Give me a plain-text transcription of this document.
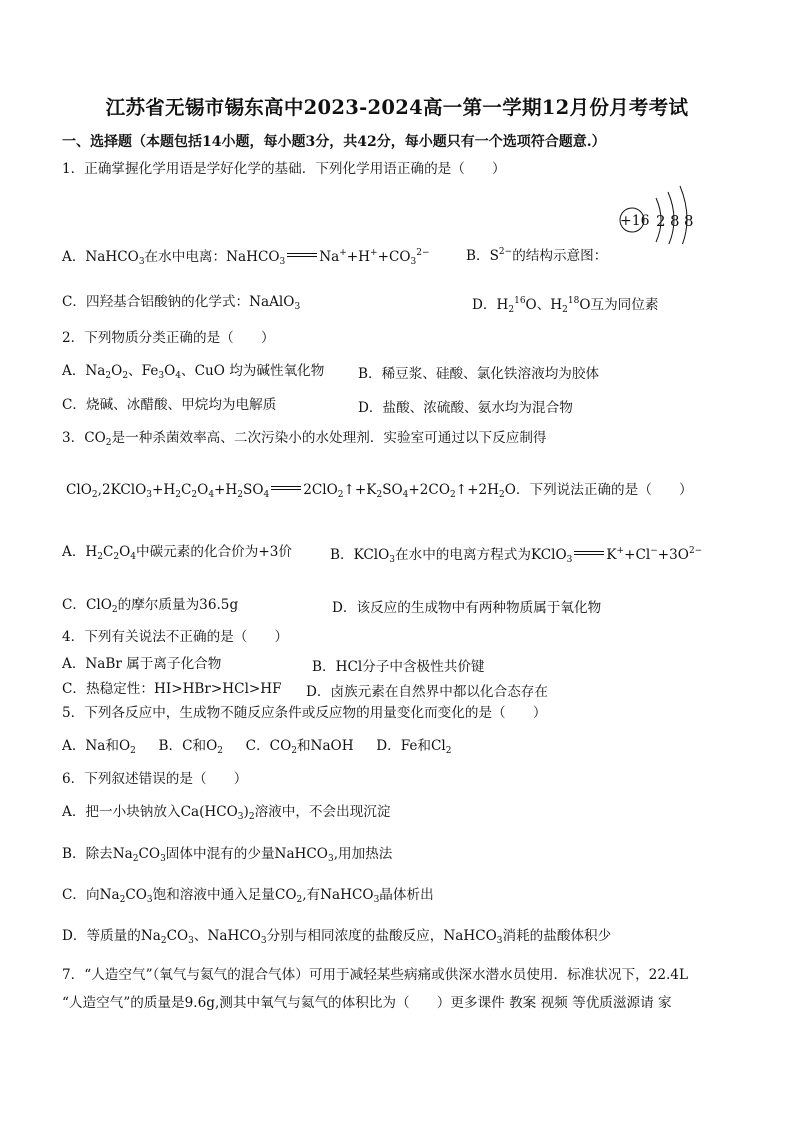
江苏省无锡市锡东高中2023-2024高一第一学期12月份月考考试
一、选择题（本题包括14小题，每小题3分，共42分，每小题只有一个选项符合题意.）
1．正确掌握化学用语是学好化学的基础．下列化学用语正确的是（　　）
+16 2 8 8
A．NaHCO$_3$在水中电离：NaHCO$_3$	$Na^++H^++CO_3^{2-}$	B．$S^{2-}$的结构示意图：
C．四羟基合铝酸钠的化学式：NaAlO$_3$	D．$H_2^{16}O$、$H_2^{18}O$互为同位素
2．下列物质分类正确的是（　　）
A．$Na_2O_2$、$Fe_3O_4$、CuO 均为碱性氧化物 B．稀豆浆、硅酸、氯化铁溶液均为胶体
C．烧碱、冰醋酸、甲烷均为电解质	D．盐酸、浓硫酸、氨水均为混合物
3．$CO_2$是一种杀菌效率高、二次污染小的水处理剂．实验室可通过以下反应制得
$ClO_2,2KClO_3+H_2C_2O_4+H_2SO_4$	$2ClO_2↑+K_2SO_4+2CO_2↑+2H_2O$．下列说法正确的是（　　）
A．$H_2C_2O_4$中碳元素的化合价为+3价	B．KClO$_3$在水中的电离方程式为KClO$_3$	$K^++Cl^-+3O^{2-}$
C．ClO$_2$的摩尔质量为36.5g	D．该反应的生成物中有两种物质属于氧化物
4．下列有关说法不正确的是（　　）
A．NaBr 属于离子化合物	B．HCl分子中含极性共价键
C．热稳定性：HI>HBr>HCl>HF D．卤族元素在自然界中都以化合态存在
5．下列各反应中，生成物不随反应条件或反应物的用量变化而变化的是（　　）
A．Na和$O_2$ B．C和$O_2$ C．$CO_2$和NaOH D．Fe和$Cl_2$
6．下列叙述错误的是（　　）
A．把一小块钠放入$Ca(HCO_3)_2$溶液中，不会出现沉淀
B．除去$Na_2CO_3$固体中混有的少量NaHCO$_3$,用加热法
C．向$Na_2CO_3$饱和溶液中通入足量$CO_2$,有NaHCO$_3$晶体析出
D．等质量的$Na_2CO_3$、NaHCO$_3$分别与相同浓度的盐酸反应，NaHCO$_3$消耗的盐酸体积少
7．“人造空气”（氧气与氦气的混合气体）可用于减轻某些病痛或供深水潜水员使用．标准状况下，22.4L
“人造空气”的质量是9.6g,测其中氧气与氦气的体积比为（　　）更多课件 教案 视频 等优质滋源请 家
